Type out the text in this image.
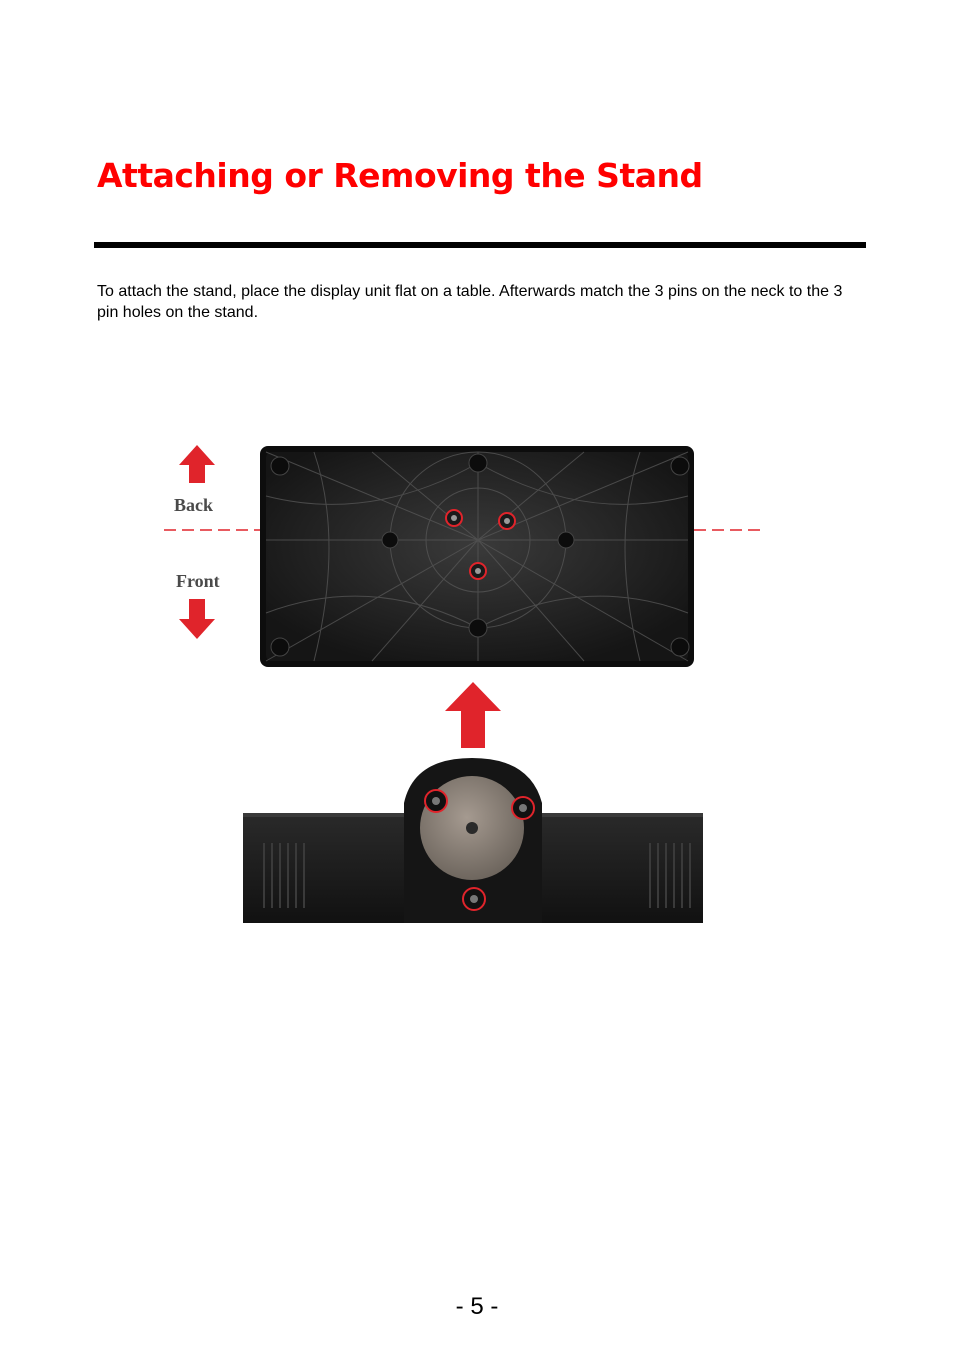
Attaching or Removing the Stand

To attach the stand, place the display unit flat on a table. Afterwards match the 3 pins on the neck to the 3 pin holes on the stand.

Back
Front
- 5 -
